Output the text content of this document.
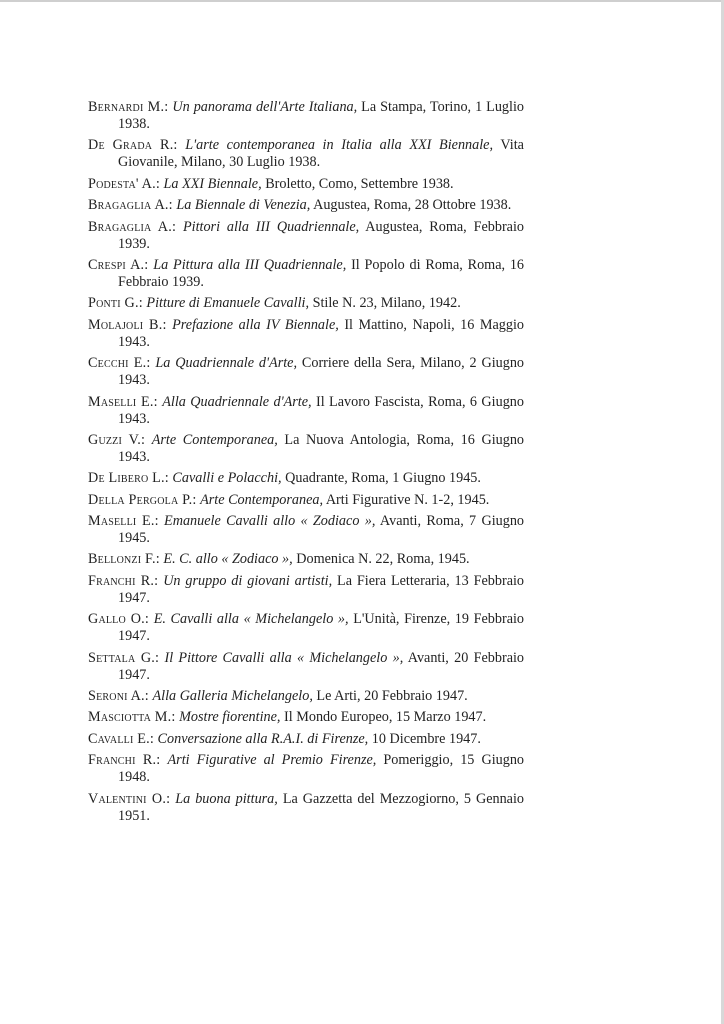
Bernardi M.: Un panorama dell'Arte Italiana, La Stampa, Torino, 1 Luglio 1938.
De Grada R.: L'arte contemporanea in Italia alla XXI Biennale, Vita Giovanile, Milano, 30 Luglio 1938.
Podesta' A.: La XXI Biennale, Broletto, Como, Settembre 1938.
Bragaglia A.: La Biennale di Venezia, Augustea, Roma, 28 Ottobre 1938.
Bragaglia A.: Pittori alla III Quadriennale, Augustea, Roma, Febbraio 1939.
Crespi A.: La Pittura alla III Quadriennale, Il Popolo di Roma, Roma, 16 Febbraio 1939.
Ponti G.: Pitture di Emanuele Cavalli, Stile N. 23, Milano, 1942.
Molajoli B.: Prefazione alla IV Biennale, Il Mattino, Napoli, 16 Maggio 1943.
Cecchi E.: La Quadriennale d'Arte, Corriere della Sera, Milano, 2 Giugno 1943.
Maselli E.: Alla Quadriennale d'Arte, Il Lavoro Fascista, Roma, 6 Giugno 1943.
Guzzi V.: Arte Contemporanea, La Nuova Antologia, Roma, 16 Giugno 1943.
De Libero L.: Cavalli e Polacchi, Quadrante, Roma, 1 Giugno 1945.
Della Pergola P.: Arte Contemporanea, Arti Figurative N. 1-2, 1945.
Maselli E.: Emanuele Cavalli allo « Zodiaco », Avanti, Roma, 7 Giugno 1945.
Bellonzi F.: E. C. allo « Zodiaco », Domenica N. 22, Roma, 1945.
Franchi R.: Un gruppo di giovani artisti, La Fiera Letteraria, 13 Febbraio 1947.
Gallo O.: E. Cavalli alla « Michelangelo », L'Unità, Firenze, 19 Febbraio 1947.
Settala G.: Il Pittore Cavalli alla « Michelangelo », Avanti, 20 Febbraio 1947.
Seroni A.: Alla Galleria Michelangelo, Le Arti, 20 Febbraio 1947.
Masciotta M.: Mostre fiorentine, Il Mondo Europeo, 15 Marzo 1947.
Cavalli E.: Conversazione alla R.A.I. di Firenze, 10 Dicembre 1947.
Franchi R.: Arti Figurative al Premio Firenze, Pomeriggio, 15 Giugno 1948.
Valentini O.: La buona pittura, La Gazzetta del Mezzogiorno, 5 Gennaio 1951.
